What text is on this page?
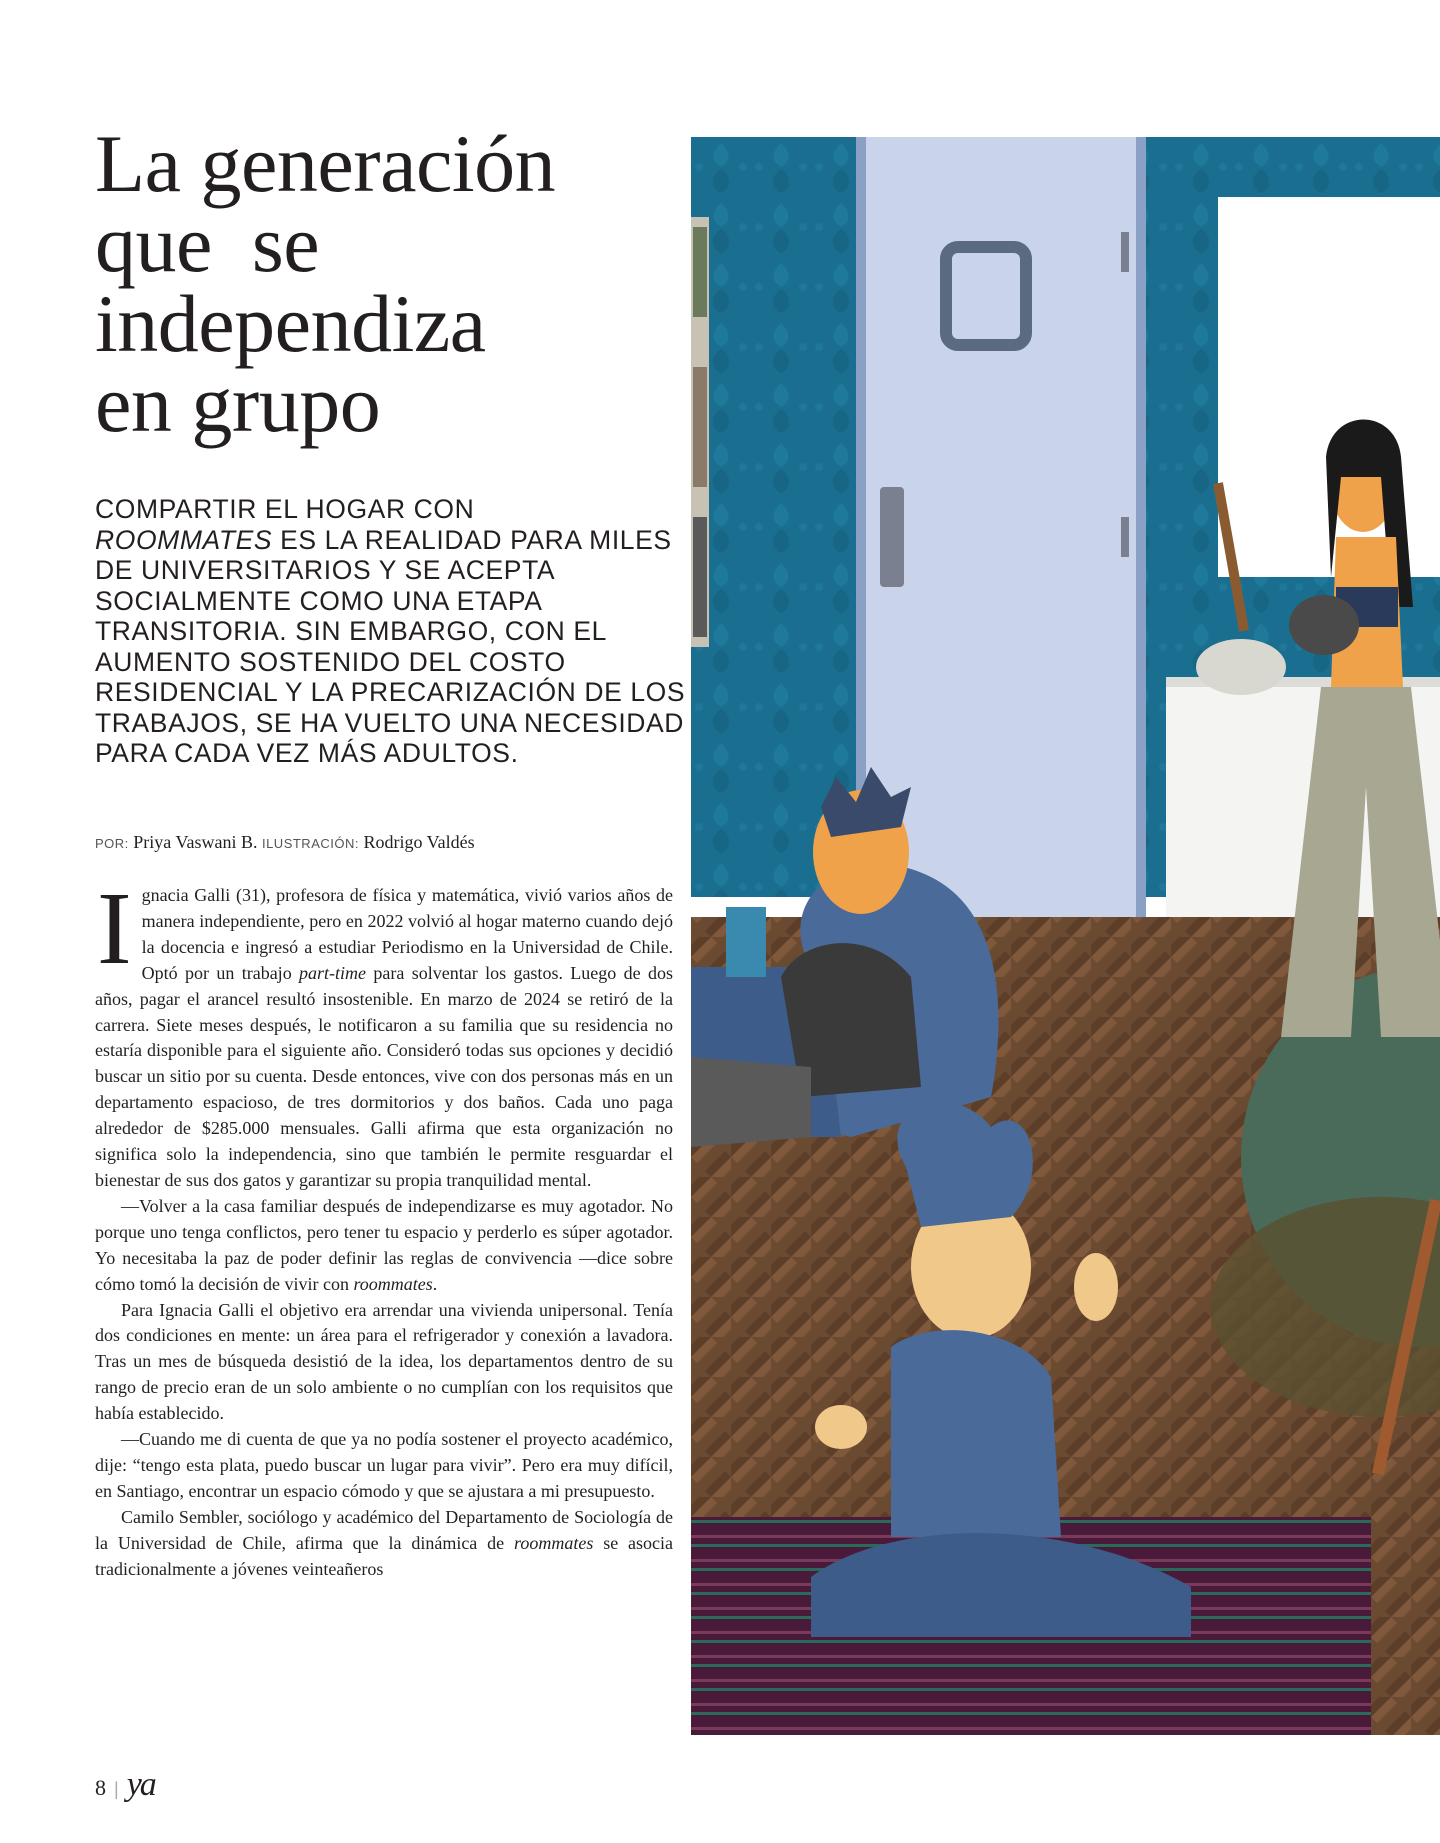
La generación
que  se
independiza
en grupo

COMPARTIR EL HOGAR CON
ROOMMATES ES LA REALIDAD PARA MILES DE UNIVERSITARIOS Y SE ACEPTA SOCIALMENTE COMO UNA ETAPA TRANSITORIA. SIN EMBARGO, CON EL AUMENTO SOSTENIDO DEL COSTO RESIDENCIAL Y LA PRECARIZACIÓN DE LOS TRABAJOS, SE HA VUELTO UNA NECESIDAD PARA CADA VEZ MÁS ADULTOS.

POR: Priya Vaswani B. ILUSTRACIÓN: Rodrigo Valdés

Ignacia Galli (31), profesora de física y matemática, vivió varios años de manera independiente, pero en 2022 volvió al hogar materno cuando dejó la docencia e ingresó a estudiar Periodismo en la Universidad de Chile. Optó por un trabajo part-time para solventar los gastos. Luego de dos años, pagar el arancel resultó insostenible. En marzo de 2024 se retiró de la carrera. Siete meses después, le notificaron a su familia que su residencia no estaría disponible para el siguiente año. Consideró todas sus opciones y decidió buscar un sitio por su cuenta. Desde entonces, vive con dos personas más en un departamento espacioso, de tres dormitorios y dos baños. Cada uno paga alrededor de $285.000 mensuales. Galli afirma que esta organización no significa solo la independencia, sino que también le permite resguardar el bienestar de sus dos gatos y garantizar su propia tranquilidad mental.

—Volver a la casa familiar después de independizarse es muy agotador. No porque uno tenga conflictos, pero tener tu espacio y perderlo es súper agotador. Yo necesitaba la paz de poder definir las reglas de convivencia —dice sobre cómo tomó la decisión de vivir con roommates.

Para Ignacia Galli el objetivo era arrendar una vivienda unipersonal. Tenía dos condiciones en mente: un área para el refrigerador y conexión a lavadora. Tras un mes de búsqueda desistió de la idea, los departamentos dentro de su rango de precio eran de un solo ambiente o no cumplían con los requisitos que había establecido.

—Cuando me di cuenta de que ya no podía sostener el proyecto académico, dije: “tengo esta plata, puedo buscar un lugar para vivir”. Pero era muy difícil, en Santiago, encontrar un espacio cómodo y que se ajustara a mi presupuesto.

Camilo Sembler, sociólogo y académico del Departamento de Sociología de la Universidad de Chile, afirma que la dinámica de roommates se asocia tradicionalmente a jóvenes veinteañeros

8 | ya
